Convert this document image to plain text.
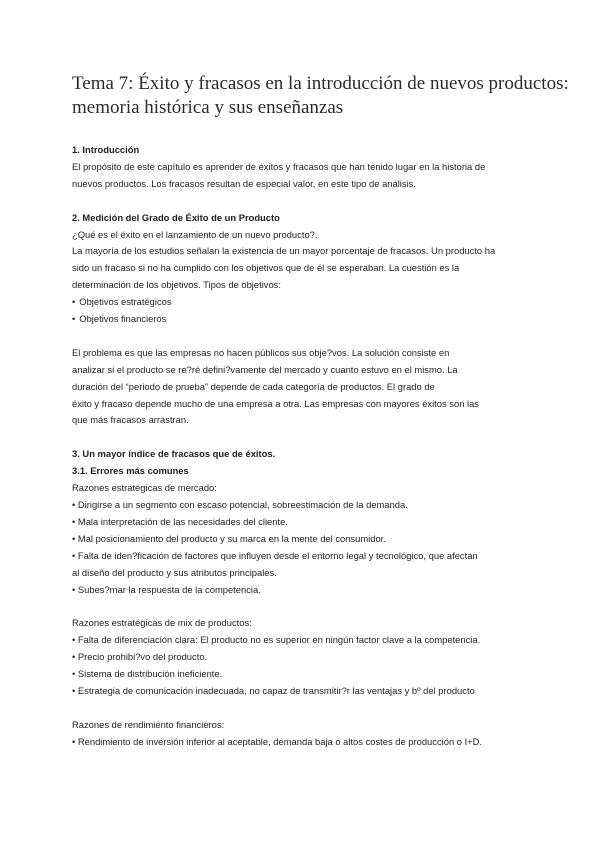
Tema 7: Éxito y fracasos en la introducción de nuevos productos:
memoria histórica y sus enseñanzas

1. Introducción

El propósito de este capítulo es aprender de éxitos y fracasos que han tenido lugar en la historia de

nuevos productos. Los fracasos resultan de especial valor, en este tipo de análisis.

2. Medición del Grado de Éxito de un Producto

¿Qué es el éxito en el lanzamiento de un nuevo producto?.

La mayoría de los estudios señalan la existencia de un mayor porcentaje de fracasos. Un producto ha

sido un fracaso si no ha cumplido con los objetivos que de él se esperaban. La cuestión es la

determinación de los objetivos. Tipos de objetivos:

• Objetivos estratégicos

• Objetivos financieros

El problema es que las empresas no hacen públicos sus obje?vos. La solución consiste en

analizar si el producto se re?ré defini?vamente del mercado y cuanto estuvo en el mismo. La

duración del “periodo de prueba” depende de cada categoría de productos. El grado de

éxito y fracaso depende mucho de una empresa a otra. Las empresas con mayores éxitos son las

que más fracasos arrastran.

3. Un mayor índice de fracasos que de éxitos.

3.1. Errores más comunes

Razones estratégicas de mercado:

• Dirigirse a un segmento con escaso potencial, sobreestimación de la demanda.

• Mala interpretación de las necesidades del cliente.

• Mal posicionamiento del producto y su marca en la mente del consumidor.

• Falta de iden?ficación de factores que influyen desde el entorno legal y tecnológico, que afectan

al diseño del producto y sus atributos principales.

• Subes?mar la respuesta de la competencia.

Razones estratégicas de mix de productos:

• Falta de diferenciación clara: El producto no es superior en ningún factor clave a la competencia.

• Precio prohibi?vo del producto.

• Sistema de distribución ineficiente.

• Estrategia de comunicación inadecuada, no capaz de transmitir?r las ventajas y bº del producto

Razones de rendimiento financieros:

• Rendimiento de inversión inferior al aceptable, demanda baja o altos costes de producción o I+D.
